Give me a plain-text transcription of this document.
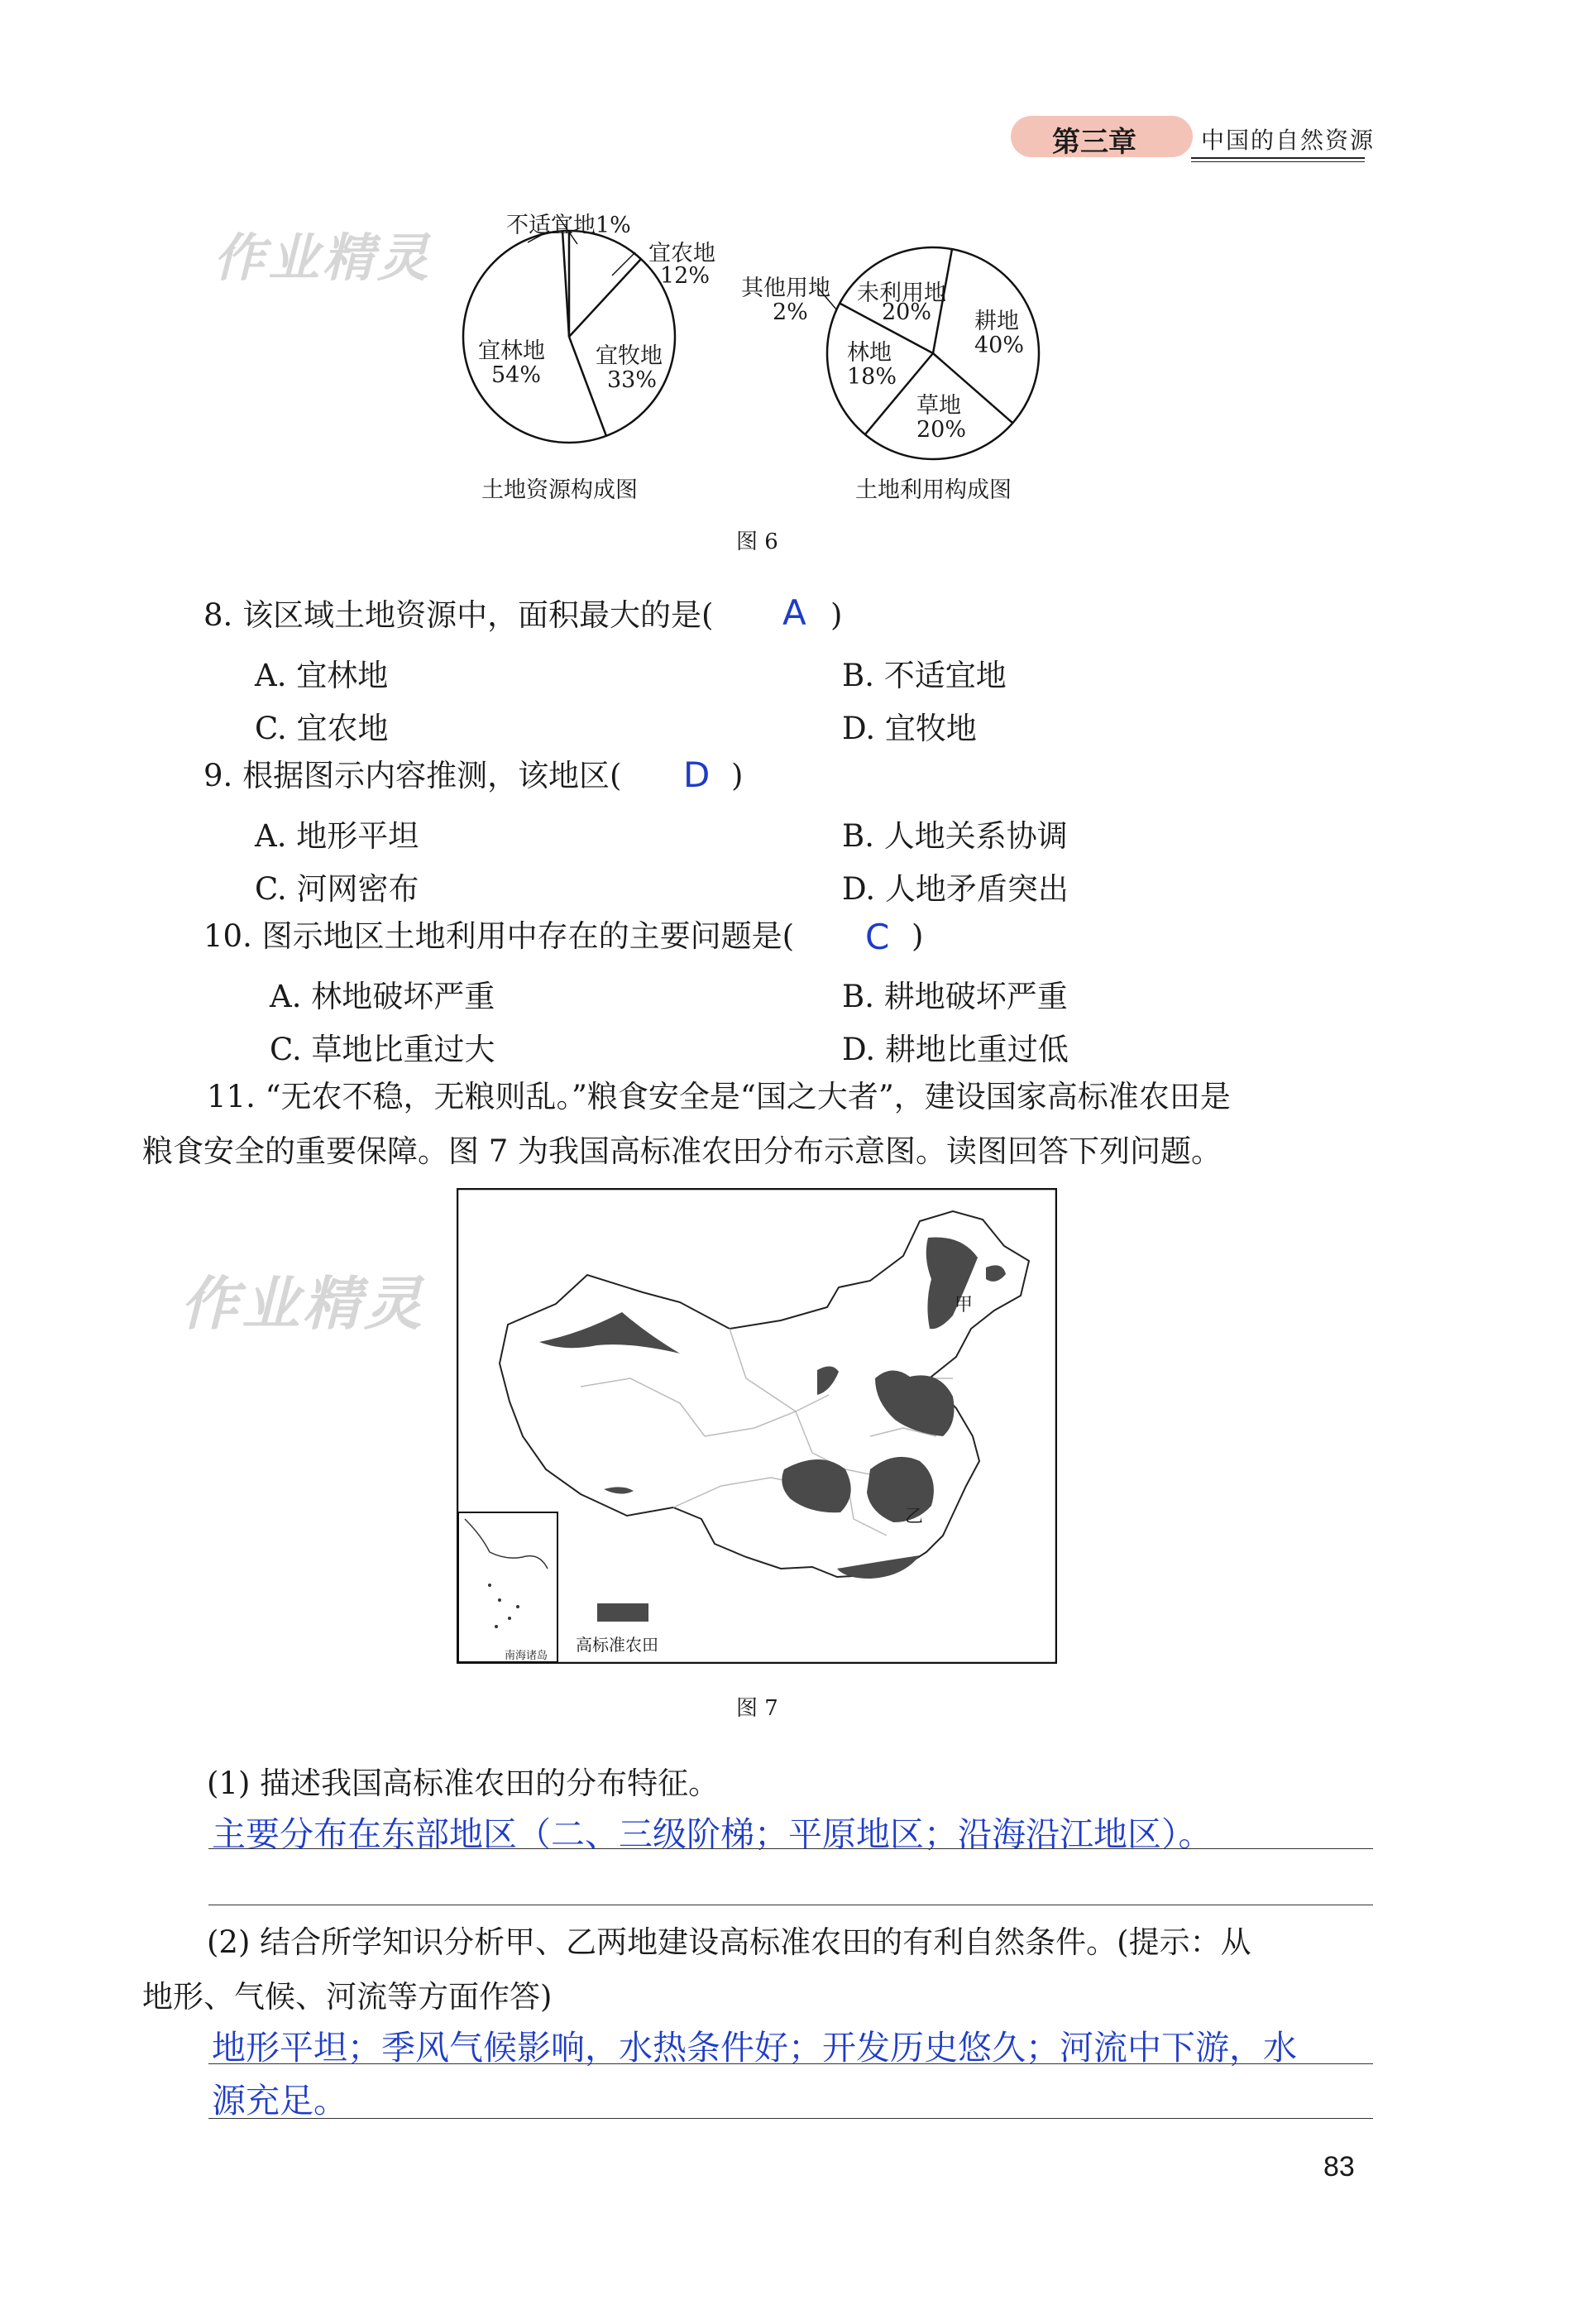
第三章	中国的自然资源
作业精灵
作业精灵
不适宜地1%
宜农地
12%
宜林地
54%
宜牧地
33%
其他用地
2%
未利用地
20%
林地
18%
耕地
40%
草地
20%
土地资源构成图	土地利用构成图
图 6
8. 该区域土地资源中，面积最大的是( A )
A. 宜林地	B. 不适宜地
C. 宜农地	D. 宜牧地
9. 根据图示内容推测，该地区( D )
A. 地形平坦	B. 人地关系协调
C. 河网密布	D. 人地矛盾突出
10. 图示地区土地利用中存在的主要问题是( C )
A. 林地破坏严重	B. 耕地破坏严重
C. 草地比重过大	D. 耕地比重过低
11. “无农不稳，无粮则乱。”粮食安全是“国之大者”，建设国家高标准农田是
粮食安全的重要保障。图 7 为我国高标准农田分布示意图。读图回答下列问题。
甲
乙
高标准农田
南海诸岛
图 7
(1) 描述我国高标准农田的分布特征。
主要分布在东部地区（二、三级阶梯；平原地区；沿海沿江地区）。
(2) 结合所学知识分析甲、乙两地建设高标准农田的有利自然条件。(提示：从
地形、气候、河流等方面作答)
地形平坦；季风气候影响，水热条件好；开发历史悠久；河流中下游，水
源充足。
83
